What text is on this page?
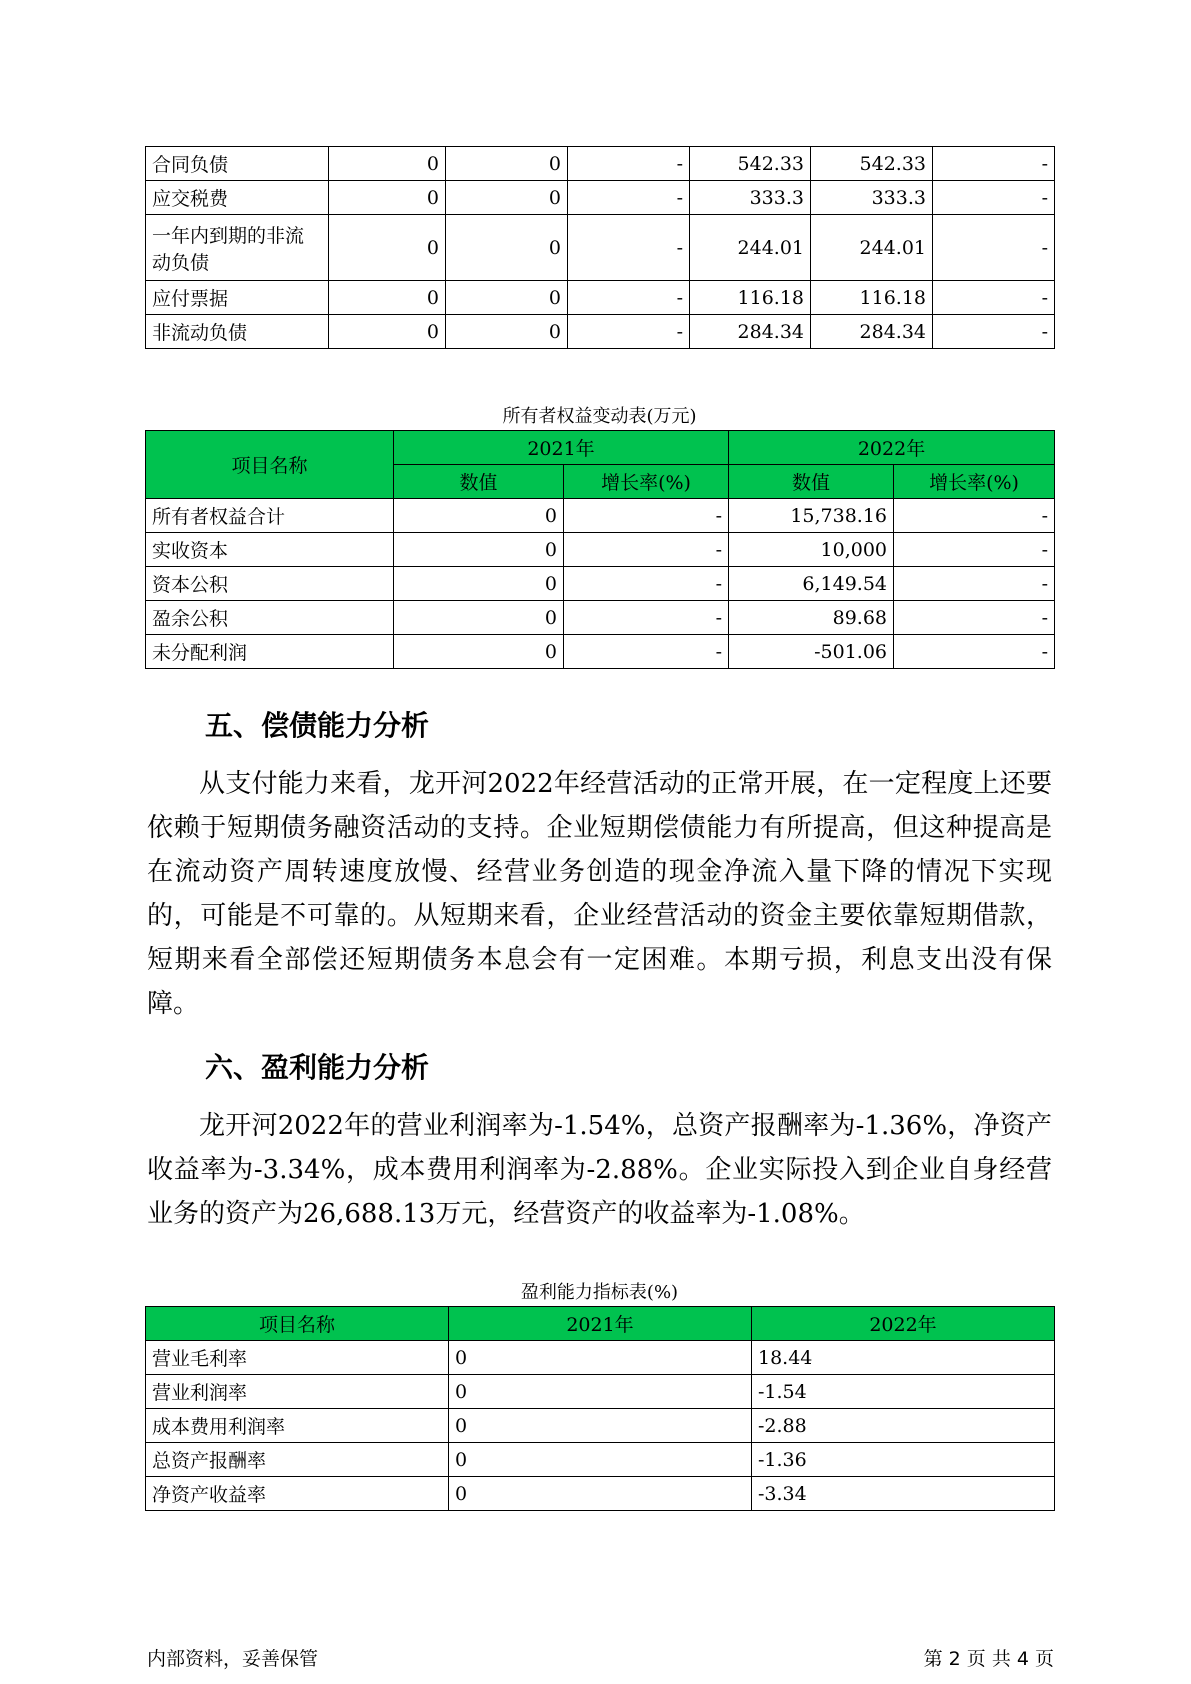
合同负债	0	0	-	542.33	542.33	-
应交税费	0	0	-	333.3	333.3	-
一年内到期的非流动负债	0	0	-	244.01	244.01	-
应付票据	0	0	-	116.18	116.18	-
非流动负债	0	0	-	284.34	284.34	-
所有者权益变动表(万元)
项目名称	2021年		2022年	
	数值	增长率(%)	数值	增长率(%)
所有者权益合计	0	-	15,738.16	-
实收资本	0	-	10,000	-
资本公积	0	-	6,149.54	-
盈余公积	0	-	89.68	-
未分配利润	0	-	-501.06	-
五、偿债能力分析

从支付能力来看，龙开河2022年经营活动的正常开展，在一定程度上还要依赖于短期债务融资活动的支持。企业短期偿债能力有所提高，但这种提高是在流动资产周转速度放慢、经营业务创造的现金净流入量下降的情况下实现的，可能是不可靠的。从短期来看，企业经营活动的资金主要依靠短期借款，短期来看全部偿还短期债务本息会有一定困难。本期亏损，利息支出没有保障。

六、盈利能力分析

龙开河2022年的营业利润率为-1.54%，总资产报酬率为-1.36%，净资产收益率为-3.34%，成本费用利润率为-2.88%。企业实际投入到企业自身经营业务的资产为26,688.13万元，经营资产的收益率为-1.08%。

盈利能力指标表(%)
项目名称	2021年	2022年
营业毛利率	0	18.44
营业利润率	0	-1.54
成本费用利润率	0	-2.88
总资产报酬率	0	-1.36
净资产收益率	0	-3.34
内部资料，妥善保管	第 2 页 共 4 页
